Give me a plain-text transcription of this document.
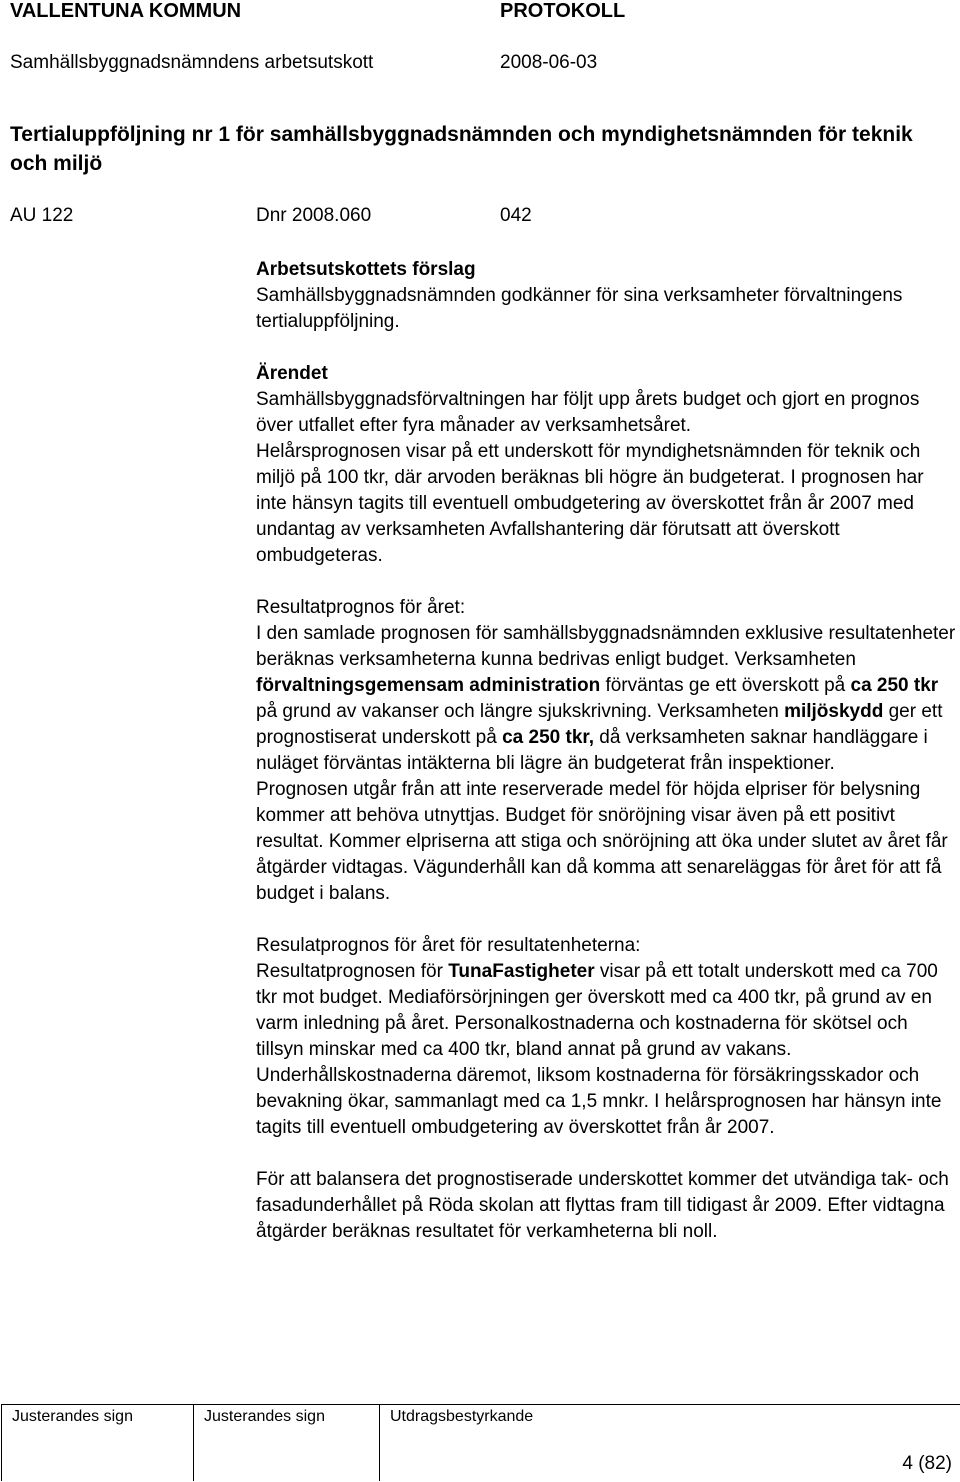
VALLENTUNA KOMMUN	PROTOKOLL
Samhällsbyggnadsnämndens arbetsutskott	2008-06-03
Tertialuppföljning nr 1 för samhällsbyggnadsnämnden och myndighetsnämnden för teknik och miljö
AU 122	Dnr 2008.060	042

Arbetsutskottets förslag

Samhällsbyggnadsnämnden godkänner för sina verksamheter förvaltningens tertialuppföljning.

Ärendet

Samhällsbyggnadsförvaltningen har följt upp årets budget och gjort en prognos över utfallet efter fyra månader av verksamhetsåret.

Helårsprognosen visar på ett underskott för myndighetsnämnden för teknik och miljö på 100 tkr, där arvoden beräknas bli högre än budgeterat. I prognosen har inte hänsyn tagits till eventuell ombudgetering av överskottet från år 2007 med undantag av verksamheten Avfallshantering där förutsatt att överskott ombudgeteras.

Resultatprognos för året:

I den samlade prognosen för samhällsbyggnadsnämnden exklusive resultatenheter beräknas verksamheterna kunna bedrivas enligt budget. Verksamheten förvaltningsgemensam administration förväntas ge ett överskott på ca 250 tkr på grund av vakanser och längre sjukskrivning. Verksamheten miljöskydd ger ett prognostiserat underskott på ca 250 tkr, då verksamheten saknar handläggare i nuläget förväntas intäkterna bli lägre än budgeterat från inspektioner.

Prognosen utgår från att inte reserverade medel för höjda elpriser för belysning kommer att behöva utnyttjas. Budget för snöröjning visar även på ett positivt resultat. Kommer elpriserna att stiga och snöröjning att öka under slutet av året får åtgärder vidtagas. Vägunderhåll kan då komma att senareläggas för året för att få budget i balans.

Resulatprognos för året för resultatenheterna:

Resultatprognosen för TunaFastigheter visar på ett totalt underskott med ca 700 tkr mot budget. Mediaförsörjningen ger överskott med ca 400 tkr, på grund av en varm inledning på året. Personalkostnaderna och kostnaderna för skötsel och tillsyn minskar med ca 400 tkr, bland annat på grund av vakans. Underhållskostnaderna däremot, liksom kostnaderna för försäkringsskador och bevakning ökar, sammanlagt med ca 1,5 mnkr. I helårsprognosen har hänsyn inte tagits till eventuell ombudgetering av överskottet från år 2007.

För att balansera det prognostiserade underskottet kommer det utvändiga tak- och fasadunderhållet på Röda skolan att flyttas fram till tidigast år 2009. Efter vidtagna åtgärder beräknas resultatet för verkamheterna bli noll.

Justerandes sign	Justerandes sign	Utdragsbestyrkande
4 (82)
